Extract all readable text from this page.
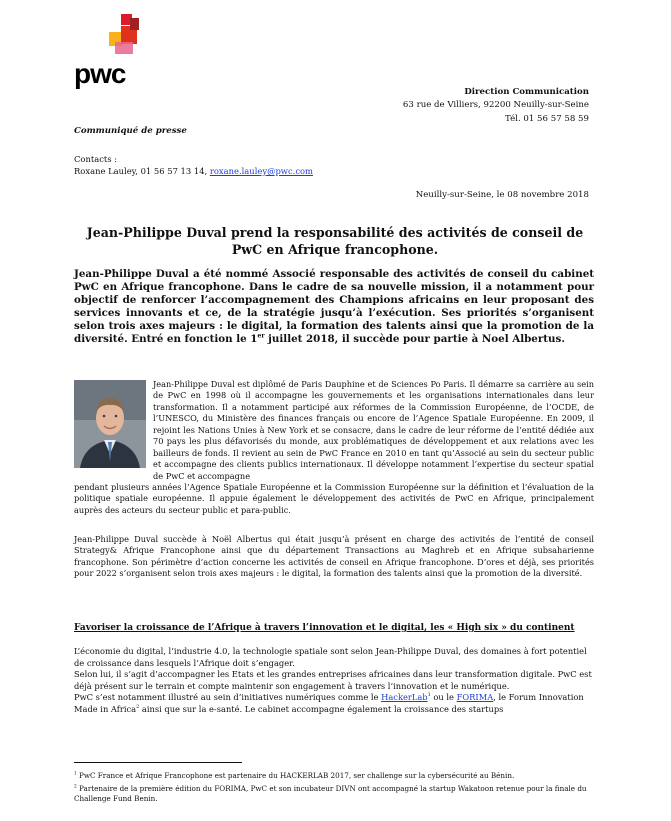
pwc
Direction Communication
63 rue de Villiers, 92200 Neuilly-sur-Seine
Tél. 01 56 57 58 59
Communiqué de presse
Contacts :
Roxane Lauley, 01 56 57 13 14, roxane.lauley@pwc.com
Neuilly-sur-Seine, le 08 novembre 2018
Jean-Philippe Duval prend la responsabilité des activités de conseil de PwC en Afrique francophone.
Jean-Philippe Duval a été nommé Associé responsable des activités de conseil du cabinet PwC en Afrique francophone. Dans le cadre de sa nouvelle mission, il a notamment pour objectif de renforcer l’accompagnement des Champions africains en leur proposant des services innovants et ce, de la stratégie jusqu’à l’exécution. Ses priorités s’organisent selon trois axes majeurs : le digital, la formation des talents ainsi que la promotion de la diversité. Entré en fonction le 1er juillet 2018, il succède pour partie à Noel Albertus.
Jean-Philippe Duval est diplômé de Paris Dauphine et de Sciences Po Paris. Il démarre sa carrière au sein de PwC en 1998 où il accompagne les gouvernements et les organisations internationales dans leur transformation. Il a notamment participé aux réformes de la Commission Européenne, de l’OCDE, de l’UNESCO, du Ministère des finances français ou encore de l’Agence Spatiale Européenne. En 2009, il rejoint les Nations Unies à New York et se consacre, dans le cadre de leur réforme de l’entité dédiée aux 70 pays les plus défavorisés du monde, aux problématiques de développement et aux relations avec les bailleurs de fonds. Il revient au sein de PwC France en 2010 en tant qu’Associé au sein du secteur public et accompagne des clients publics internationaux. Il développe notamment l’expertise du secteur spatial de PwC et accompagne
pendant plusieurs années l’Agence Spatiale Européenne et la Commission Européenne sur la définition et l’évaluation de la politique spatiale européenne. Il appuie également le développement des activités de PwC en Afrique, principalement auprès des acteurs du secteur public et para-public.
Jean-Philippe Duval succède à Noël Albertus qui était jusqu’à présent en charge des activités de l’entité de conseil Strategy& Afrique Francophone ainsi que du département Transactions au Maghreb et en Afrique subsaharienne francophone. Son périmètre d’action concerne les activités de conseil en Afrique francophone. D’ores et déjà, ses priorités pour 2022 s’organisent selon trois axes majeurs : le digital, la formation des talents ainsi que la promotion de la diversité.
Favoriser la croissance de l’Afrique à travers l’innovation et le digital, les « High six » du continent
L’économie du digital, l’industrie 4.0, la technologie spatiale sont selon Jean-Philippe Duval, des domaines à fort potentiel de croissance dans lesquels l’Afrique doit s’engager.
Selon lui, il s’agit d’accompagner les Etats et les grandes entreprises africaines dans leur transformation digitale. PwC est déjà présent sur le terrain et compte maintenir son engagement à travers l’innovation et le numérique.
PwC s’est notamment illustré au sein d’initiatives numériques comme le HackerLab$^1$ ou le FORIMA, le Forum Innovation Made in Africa$^2$ ainsi que sur la e-santé. Le cabinet accompagne également la croissance des startups
$^1$ PwC France et Afrique Francophone est partenaire du HACKERLAB 2017, ser challenge sur la cybersécurité au Bénin.
$^2$ Partenaire de la première édition du FORIMA, PwC et son incubateur DIVN ont accompagné la startup Wakatoon retenue pour la finale du Challenge Fund Benin.
